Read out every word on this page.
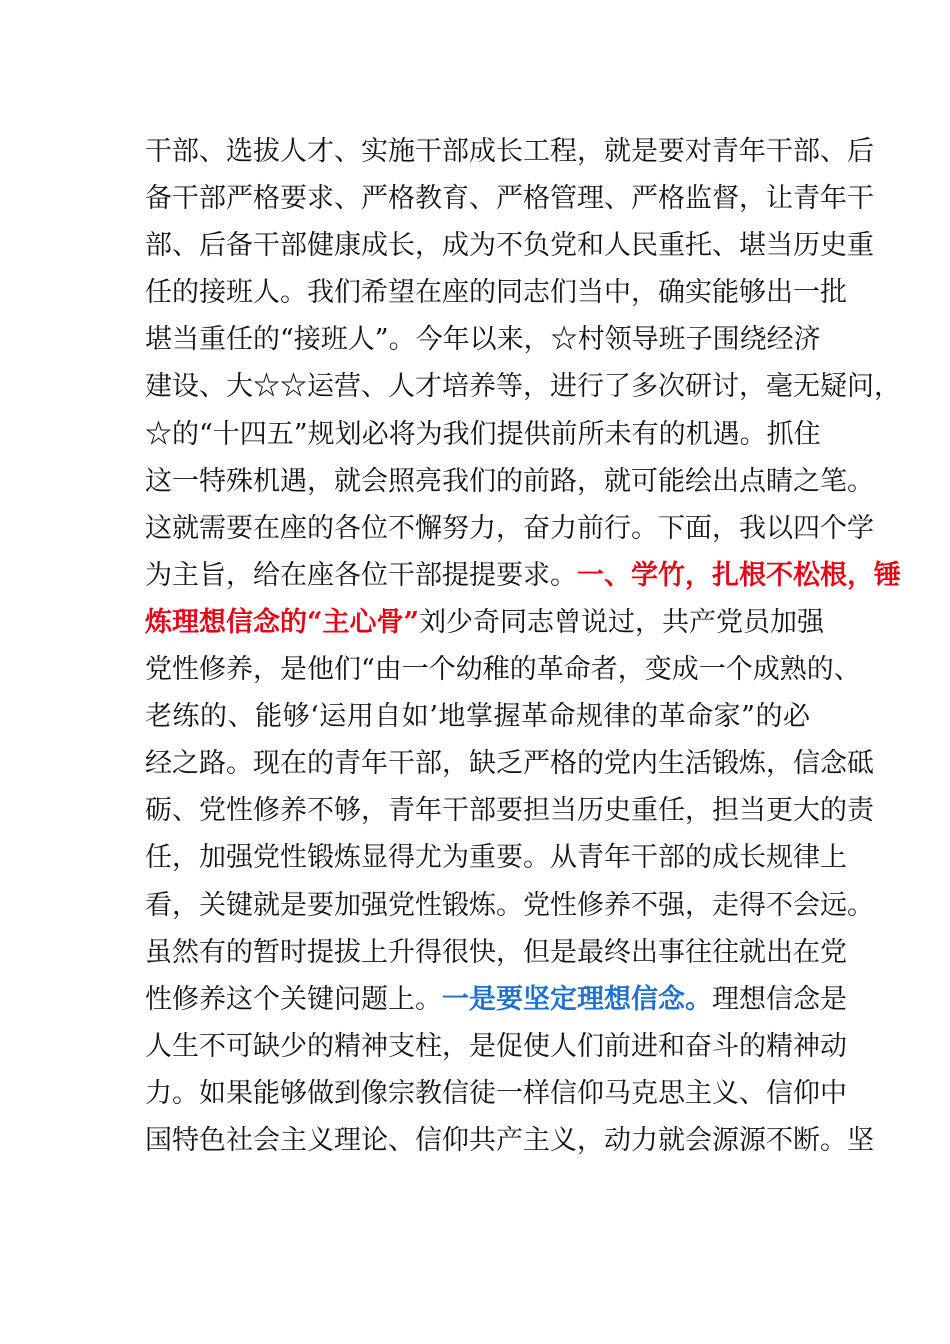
干部、选拔人才、实施干部成长工程，就是要对青年干部、后
备干部严格要求、严格教育、严格管理、严格监督，让青年干
部、后备干部健康成长，成为不负党和人民重托、堪当历史重
任的接班人。我们希望在座的同志们当中，确实能够出一批
堪当重任的“接班人”。今年以来，☆村领导班子围绕经济
建设、大☆☆运营、人才培养等，进行了多次研讨，毫无疑问，
☆的“十四五”规划必将为我们提供前所未有的机遇。抓住
这一特殊机遇，就会照亮我们的前路，就可能绘出点睛之笔。
这就需要在座的各位不懈努力，奋力前行。下面，我以四个学
为主旨，给在座各位干部提提要求。一、学竹，扎根不松根，锤
炼理想信念的“主心骨”刘少奇同志曾说过，共产党员加强
党性修养，是他们“由一个幼稚的革命者，变成一个成熟的、
老练的、能够‘运用自如’地掌握革命规律的革命家”的必
经之路。现在的青年干部，缺乏严格的党内生活锻炼，信念砥
砺、党性修养不够，青年干部要担当历史重任，担当更大的责
任，加强党性锻炼显得尤为重要。从青年干部的成长规律上
看，关键就是要加强党性锻炼。党性修养不强，走得不会远。
虽然有的暂时提拔上升得很快，但是最终出事往往就出在党
性修养这个关键问题上。一是要坚定理想信念。理想信念是
人生不可缺少的精神支柱，是促使人们前进和奋斗的精神动
力。如果能够做到像宗教信徒一样信仰马克思主义、信仰中
国特色社会主义理论、信仰共产主义，动力就会源源不断。坚
